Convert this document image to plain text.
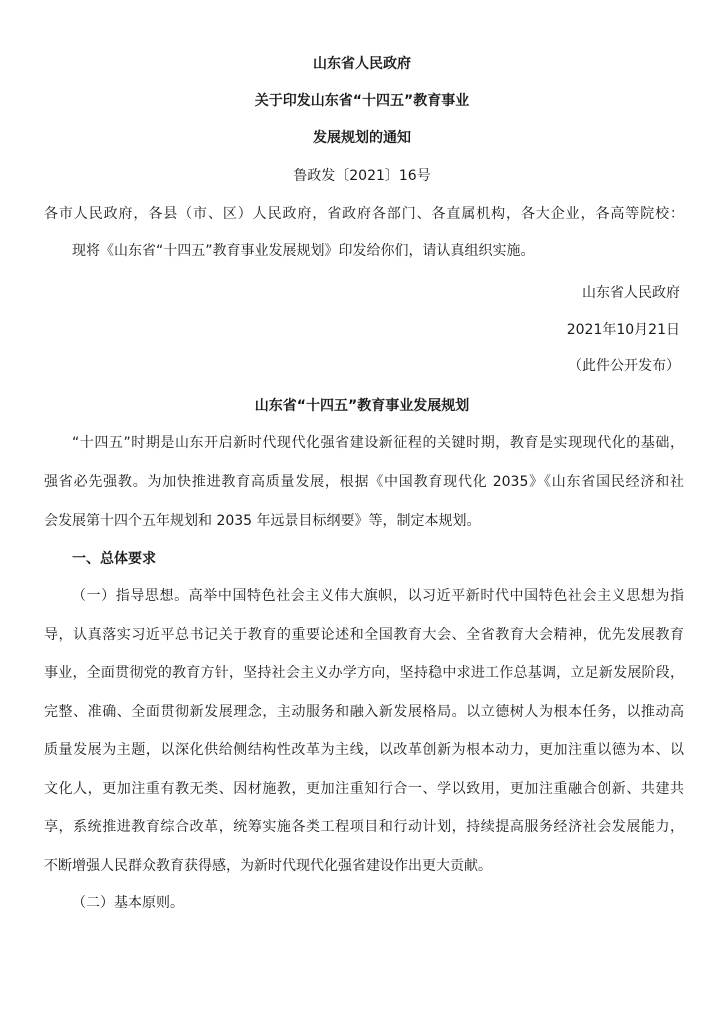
山东省人民政府

关于印发山东省“十四五”教育事业

发展规划的通知

鲁政发〔2021〕16号

各市人民政府，各县（市、区）人民政府，省政府各部门、各直属机构，各大企业，各高等院校：

现将《山东省“十四五”教育事业发展规划》印发给你们，请认真组织实施。

山东省人民政府

2021年10月21日

（此件公开发布）

山东省“十四五”教育事业发展规划

“十四五”时期是山东开启新时代现代化强省建设新征程的关键时期，教育是实现现代化的基础，

强省必先强教。为加快推进教育高质量发展，根据《中国教育现代化 2035》《山东省国民经济和社

会发展第十四个五年规划和 2035 年远景目标纲要》等，制定本规划。

一、总体要求

（一）指导思想。高举中国特色社会主义伟大旗帜，以习近平新时代中国特色社会主义思想为指

导，认真落实习近平总书记关于教育的重要论述和全国教育大会、全省教育大会精神，优先发展教育

事业，全面贯彻党的教育方针，坚持社会主义办学方向，坚持稳中求进工作总基调，立足新发展阶段，

完整、准确、全面贯彻新发展理念，主动服务和融入新发展格局。以立德树人为根本任务，以推动高

质量发展为主题，以深化供给侧结构性改革为主线，以改革创新为根本动力，更加注重以德为本、以

文化人，更加注重有教无类、因材施教，更加注重知行合一、学以致用，更加注重融合创新、共建共

享，系统推进教育综合改革，统筹实施各类工程项目和行动计划，持续提高服务经济社会发展能力，

不断增强人民群众教育获得感，为新时代现代化强省建设作出更大贡献。

（二）基本原则。
